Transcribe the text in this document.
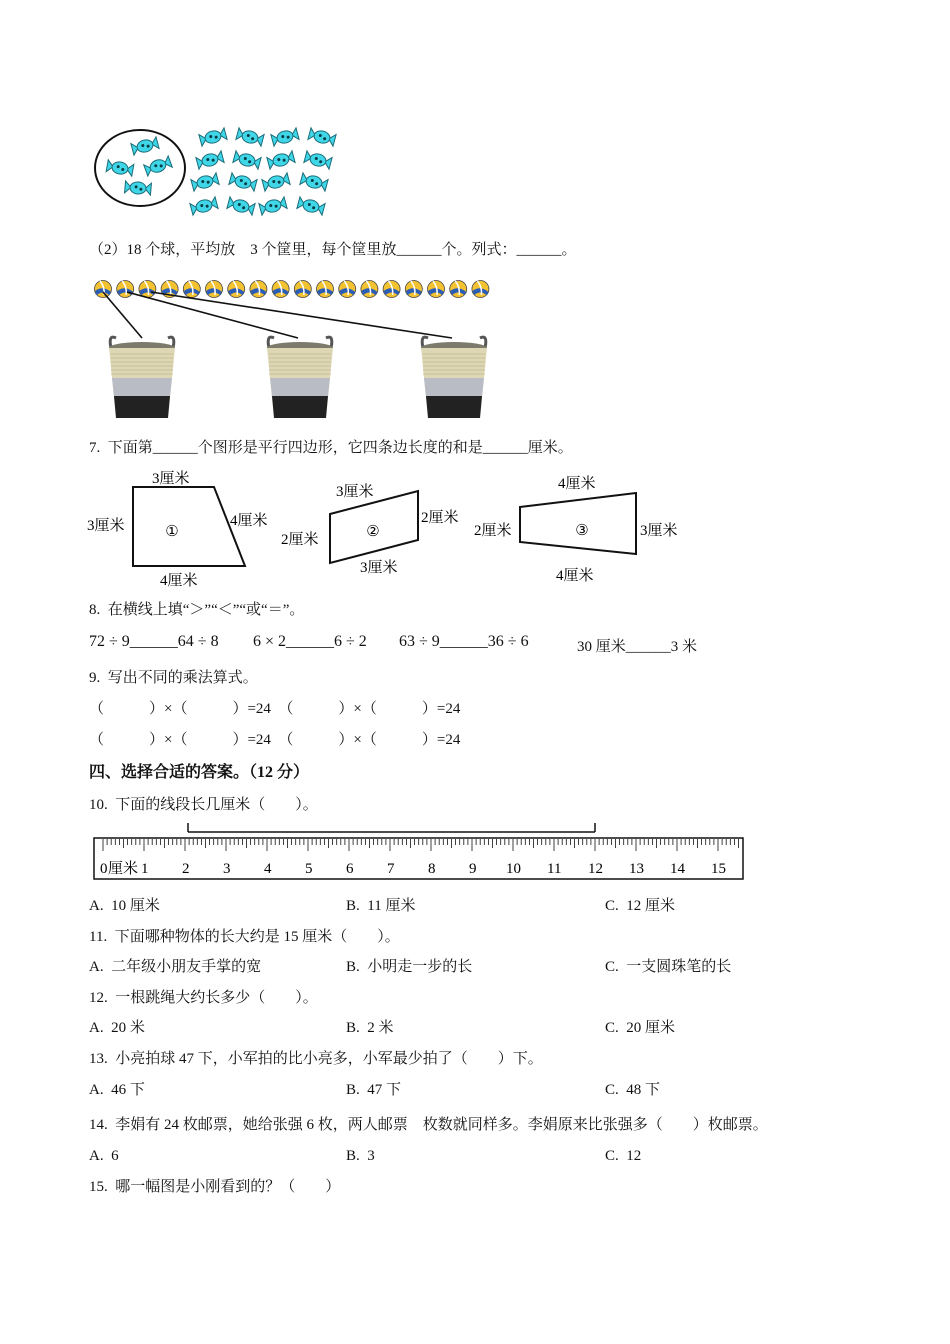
（2）18 个球，平均放　3 个筐里，每个筐里放______个。列式：______。
7.  下面第______个图形是平行四边形，它四条边长度的和是______厘米。
①
3厘米
3厘米	4厘米
4厘米
②
3厘米
2厘米
2厘米
3厘米
③
4厘米
2厘米	3厘米
4厘米
8.  在横线上填“＞”“＜”“或“＝”。
72 ÷ 9______64 ÷ 8 6 × 2______6 ÷ 2 63 ÷ 9______36 ÷ 6	30 厘米______3 米
9.  写出不同的乘法算式。
（　　　）×（　　　）=24　（　　　）×（　　　）=24
（　　　）×（　　　）=24　（　　　）×（　　　）=24
四、选择合适的答案。（12 分）
10.  下面的线段长几厘米（　　）。
0 1 2 3 4 5 6 7 8 9 10 11 12 13 14 15
厘米
A.  10 厘米	B.  11 厘米	C.  12 厘米
11.  下面哪种物体的长大约是 15 厘米（　　）。
A.  二年级小朋友手掌的宽	B.  小明走一步的长	C.  一支圆珠笔的长
12.  一根跳绳大约长多少（　　）。
A.  20 米	B.  2 米	C.  20 厘米
13.  小亮拍球 47 下，小军拍的比小亮多，小军最少拍了（　　）下。
A.  46 下	B.  47 下	C.  48 下
14.  李娟有 24 枚邮票，她给张强 6 枚，两人邮票　枚数就同样多。李娟原来比张强多（　　）枚邮票。
A.  6	B.  3	C.  12
15.  哪一幅图是小刚看到的？（　　）
